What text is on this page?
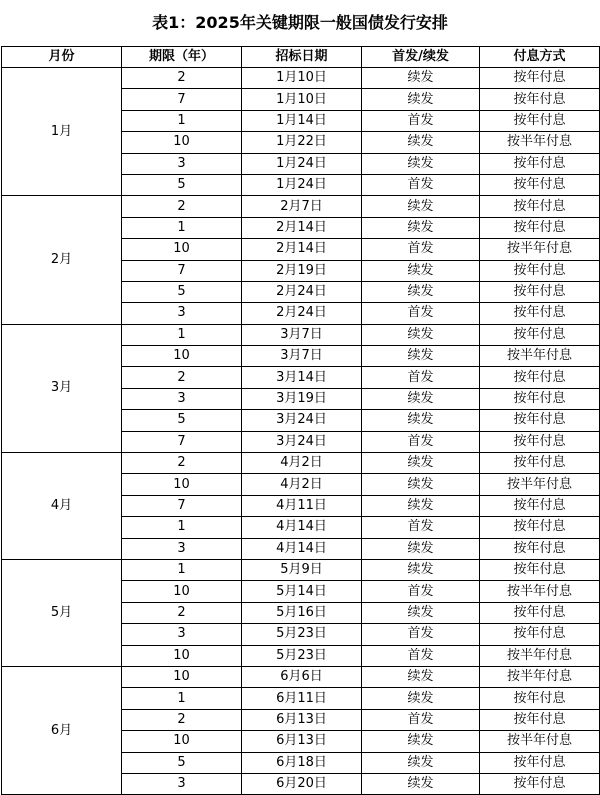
表1：2025年关键期限一般国债发行安排
月份	期限（年）	招标日期	首发/续发	付息方式
1月	2	1月10日	续发	按年付息
	7	1月10日	续发	按年付息
	1	1月14日	首发	按年付息
	10	1月22日	续发	按半年付息
	3	1月24日	续发	按年付息
	5	1月24日	首发	按年付息
2月	2	2月7日	续发	按年付息
	1	2月14日	续发	按年付息
	10	2月14日	首发	按半年付息
	7	2月19日	续发	按年付息
	5	2月24日	续发	按年付息
	3	2月24日	首发	按年付息
3月	1	3月7日	续发	按年付息
	10	3月7日	续发	按半年付息
	2	3月14日	首发	按年付息
	3	3月19日	续发	按年付息
	5	3月24日	续发	按年付息
	7	3月24日	首发	按年付息
4月	2	4月2日	续发	按年付息
	10	4月2日	续发	按半年付息
	7	4月11日	续发	按年付息
	1	4月14日	首发	按年付息
	3	4月14日	续发	按年付息
5月	1	5月9日	续发	按年付息
	10	5月14日	首发	按半年付息
	2	5月16日	续发	按年付息
	3	5月23日	首发	按年付息
	10	5月23日	首发	按半年付息
6月	10	6月6日	续发	按半年付息
	1	6月11日	续发	按年付息
	2	6月13日	首发	按年付息
	10	6月13日	续发	按半年付息
	5	6月18日	续发	按年付息
	3	6月20日	续发	按年付息
